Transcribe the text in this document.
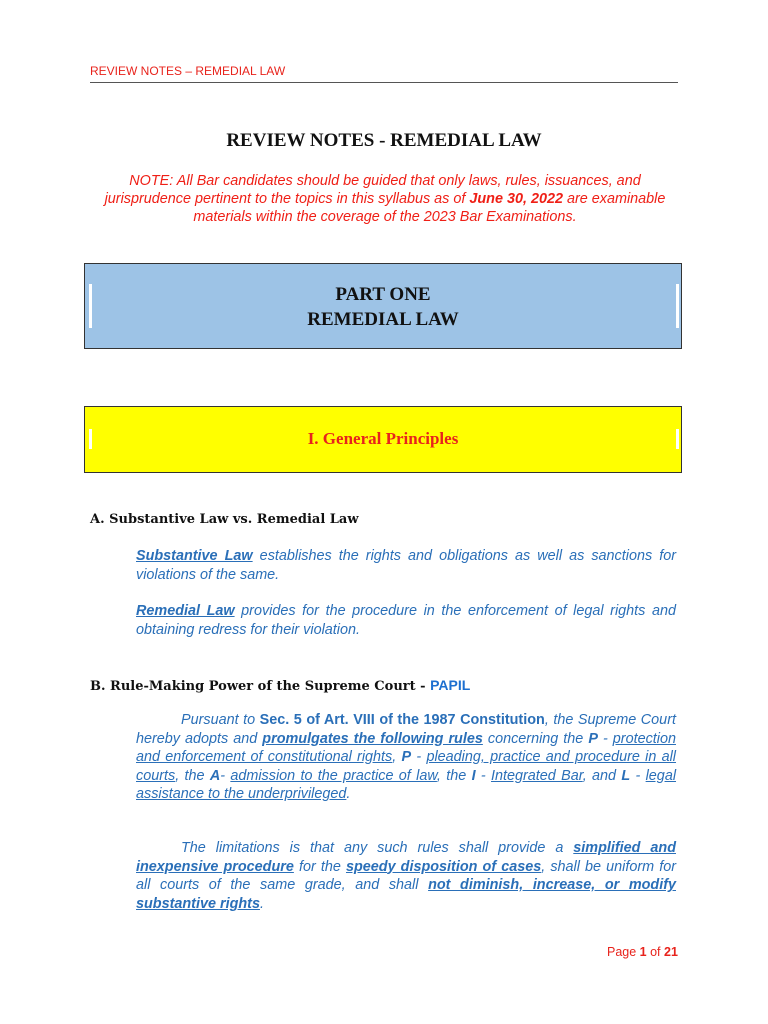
REVIEW NOTES – REMEDIAL LAW
REVIEW NOTES - REMEDIAL LAW
NOTE: All Bar candidates should be guided that only laws, rules, issuances, and jurisprudence pertinent to the topics in this syllabus as of June 30, 2022 are examinable materials within the coverage of the 2023 Bar Examinations.
PART ONE
REMEDIAL LAW
I. General Principles
A. Substantive Law vs. Remedial Law
Substantive Law establishes the rights and obligations as well as sanctions for violations of the same.
Remedial Law provides for the procedure in the enforcement of legal rights and obtaining redress for their violation.
B. Rule-Making Power of the Supreme Court - PAPIL
Pursuant to Sec. 5 of Art. VIII of the 1987 Constitution, the Supreme Court hereby adopts and promulgates the following rules concerning the P - protection and enforcement of constitutional rights, P - pleading, practice and procedure in all courts, the A- admission to the practice of law, the I - Integrated Bar, and L - legal assistance to the underprivileged.
The limitations is that any such rules shall provide a simplified and inexpensive procedure for the speedy disposition of cases, shall be uniform for all courts of the same grade, and shall not diminish, increase, or modify substantive rights.
Page 1 of 21
